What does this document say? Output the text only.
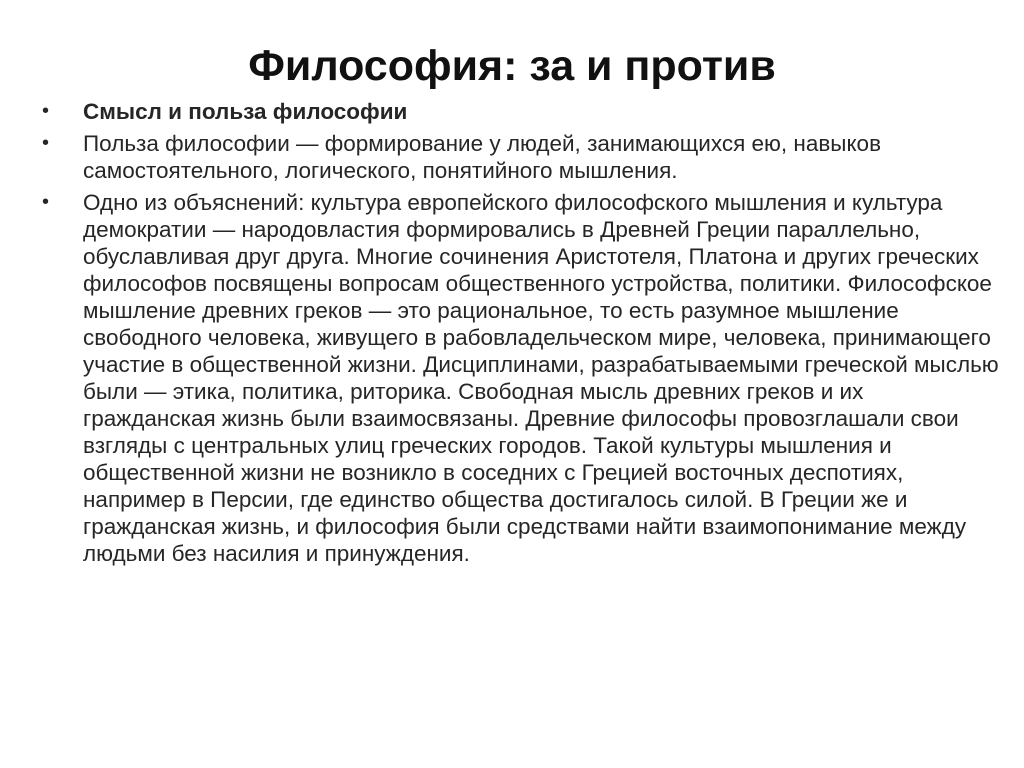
Философия: за и против
• Смысл и польза философии
• Польза философии — формирование у людей, занимающихся ею, навыков самостоятельного, логического, понятийного мышления.
• Одно из объяснений: культура европейского философского мышления и культура демократии — народовластия формировались в Древней Греции параллельно, обуславливая друг друга. Многие сочинения Аристотеля, Платона и других греческих философов посвящены вопросам общественного устройства, политики. Философское мышление древних греков — это рациональное, то есть разумное мышление свободного человека, живущего в рабовладельческом мире, человека, принимающего участие в общественной жизни. Дисциплинами, разрабатываемыми греческой мыслью были — этика, политика, риторика. Свободная мысль древних греков и их гражданская жизнь были взаимосвязаны. Древние философы провозглашали свои взгляды с центральных улиц греческих городов. Такой культуры мышления и общественной жизни не возникло в соседних с Грецией восточных деспотиях, например в Персии, где единство общества достигалось силой. В Греции же и гражданская жизнь, и философия были средствами найти взаимопонимание между людьми без насилия и принуждения.
